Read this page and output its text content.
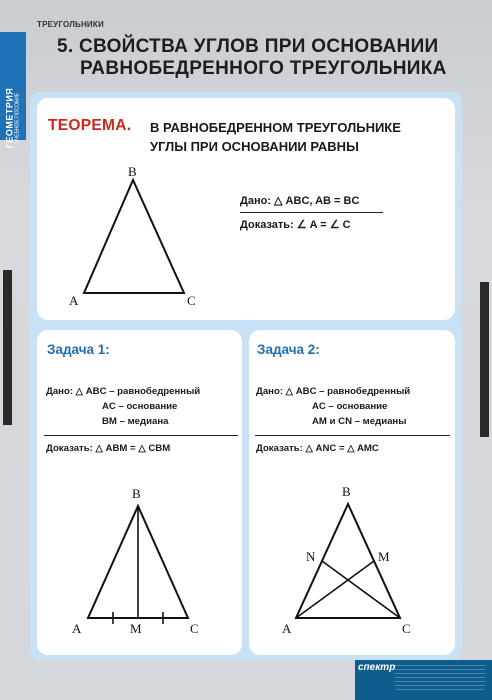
ГЕОМЕТРИЯ УЧЕБНОЕ ПОСОБИЕ
ТРЕУГОЛЬНИКИ
5. СВОЙСТВА УГЛОВ ПРИ ОСНОВАНИИ
РАВНОБЕДРЕННОГО ТРЕУГОЛЬНИКА
ТЕОРЕМА. В РАВНОБЕДРЕННОМ ТРЕУГОЛЬНИКЕ
УГЛЫ ПРИ ОСНОВАНИИ РАВНЫ
B
A	C
Дано: △ ABC, AB = BC
Доказать: ∠ A = ∠ C
Задача 1:
Дано: △ ABC – равнобедренный
AC – основание
BM – медиана
Доказать: △ ABM = △ CBM
B
A	M	C
Задача 2:
Дано: △ ABC – равнобедренный
AC – основание
AM и CN – медианы
Доказать: △ ANC = △ AMC
B
N	M
A	C
спектр
